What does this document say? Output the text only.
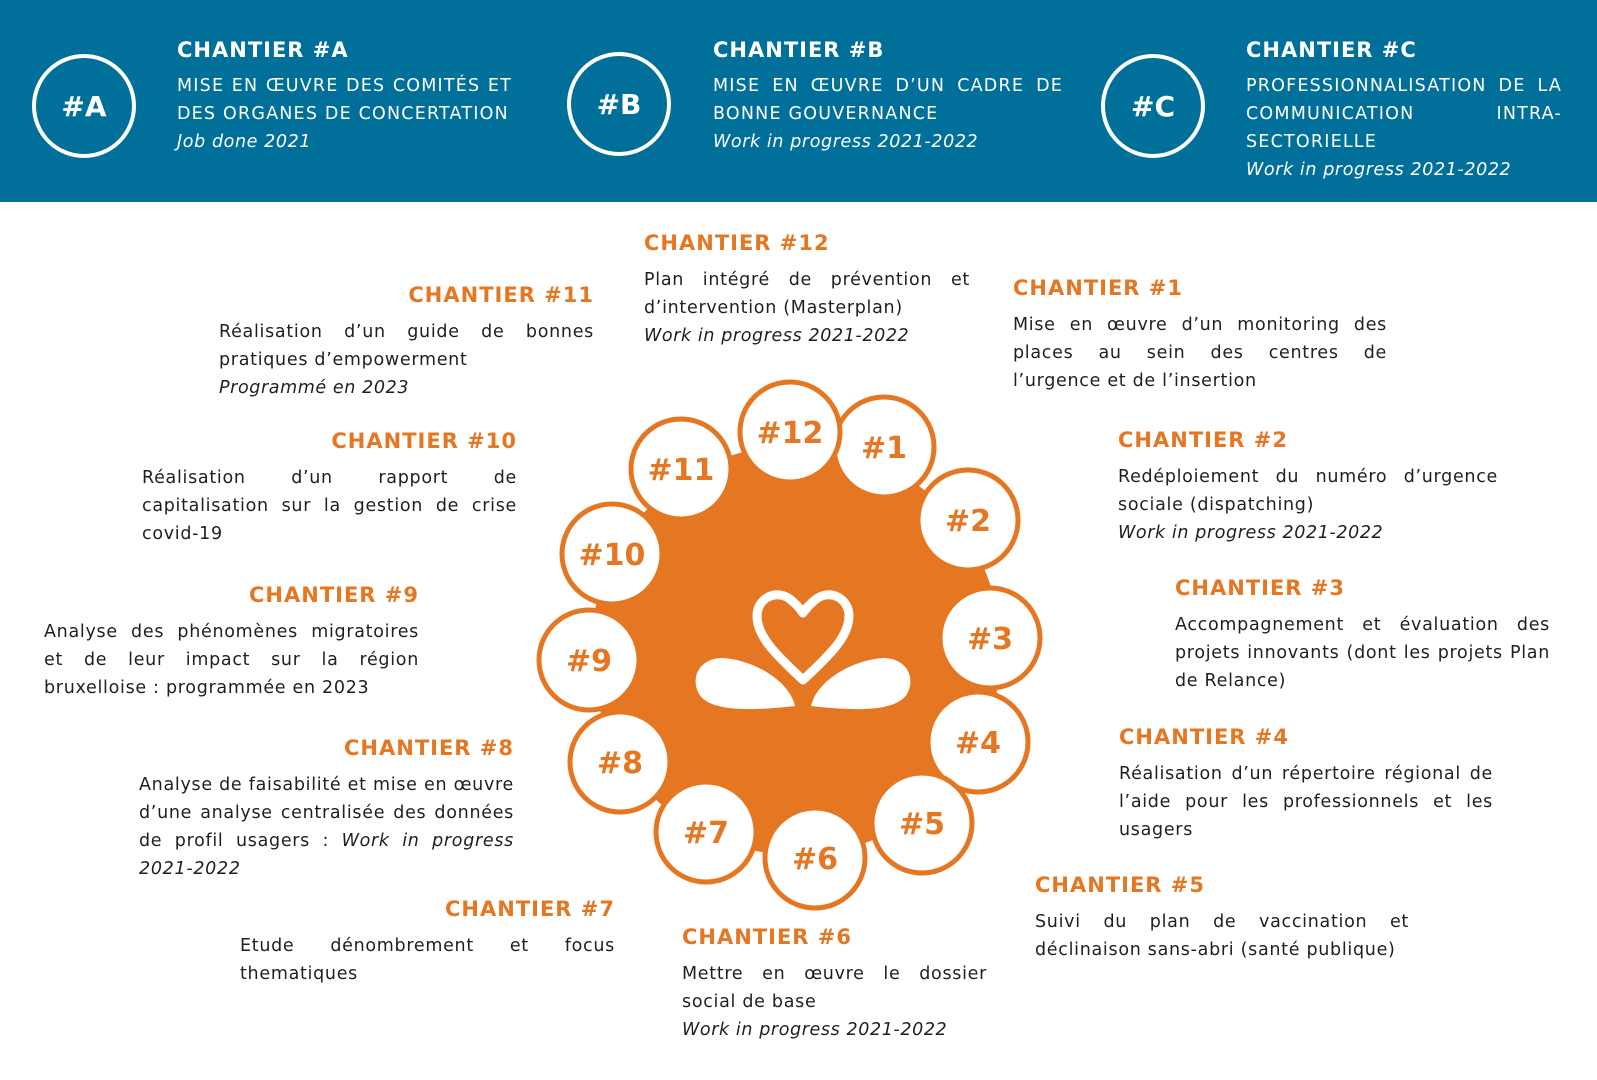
#A
CHANTIER #A
MISE EN ŒUVRE DES COMITÉS ET DES ORGANES DE CONCERTATION
Job done 2021
#B
CHANTIER #B
MISE EN ŒUVRE D’UN CADRE DE BONNE GOUVERNANCE
Work in progress 2021-2022
#C
CHANTIER #C
PROFESSIONNALISATION DE LA COMMUNICATION INTRA-SECTORIELLE
Work in progress 2021-2022
#1
#2
#3
#4
#5
#6
#7
#8
#9
#10
#11
#12
CHANTIER #1
Mise en œuvre d’un monitoring des places au sein des centres de l’urgence et de l’insertion
CHANTIER #2
Redéploiement du numéro d’urgence sociale (dispatching)
Work in progress 2021-2022
CHANTIER #3
Accompagnement et évaluation des projets innovants (dont les projets Plan de Relance)
CHANTIER #4
Réalisation d’un répertoire régional de l’aide pour les professionnels et les usagers
CHANTIER #5
Suivi du plan de vaccination et déclinaison sans-abri (santé publique)
CHANTIER #6
Mettre en œuvre le dossier social de base
Work in progress 2021-2022
CHANTIER #7
Etude dénombrement et focus thematiques
CHANTIER #8
Analyse de faisabilité et mise en œuvre d’une analyse centralisée des données de profil usagers : Work in progress 2021-2022
CHANTIER #9
Analyse des phénomènes migratoires et de leur impact sur la région bruxelloise : programmée en 2023
CHANTIER #10
Réalisation d’un rapport de capitalisation sur la gestion de crise covid-19
CHANTIER #11
Réalisation d’un guide de bonnes pratiques d’empowerment
Programmé en 2023
CHANTIER #12
Plan intégré de prévention et d’intervention (Masterplan)
Work in progress 2021-2022
